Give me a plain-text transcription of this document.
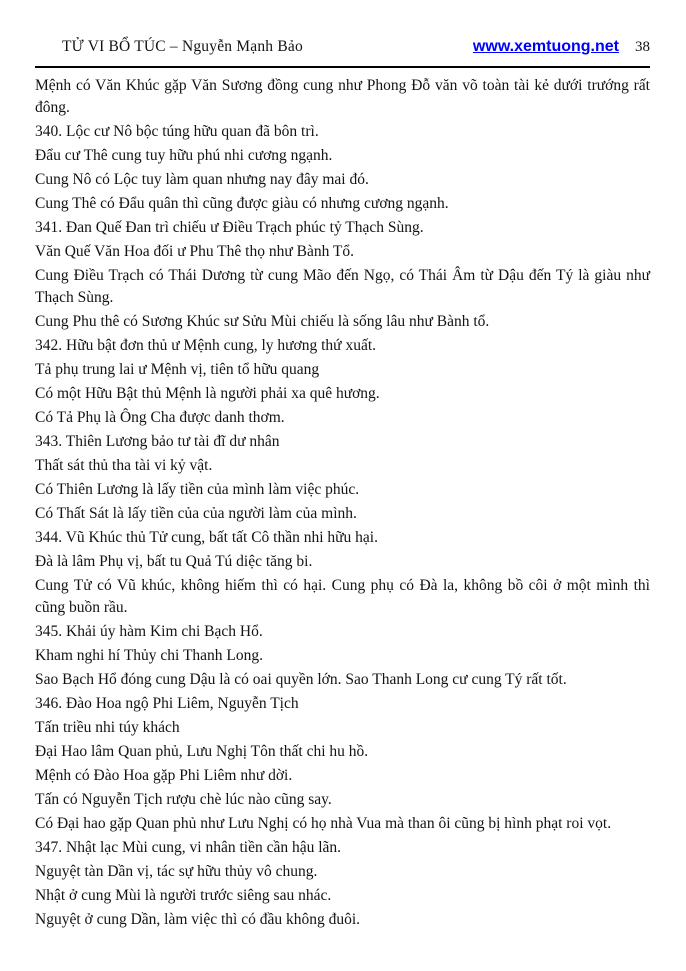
TỬ VI BỔ TÚC – Nguyễn Mạnh Bảo	www.xemtuong.net 38

Mệnh có Văn Khúc gặp Văn Sương đồng cung như Phong Đỗ văn võ toàn tài kẻ dưới trướng rất đông.

340. Lộc cư Nô bộc túng hữu quan đã bôn trì.

Đẩu cư Thê cung tuy hữu phú nhi cương ngạnh.

Cung Nô có Lộc tuy làm quan nhưng nay đây mai đó.

Cung Thê có Đẩu quân thì cũng được giàu có nhưng cương ngạnh.

341. Đan Quế Đan trì chiếu ư Điều Trạch phúc tỷ Thạch Sùng.

Văn Quế Văn Hoa đối ư Phu Thê thọ như Bành Tổ.

Cung Điều Trạch có Thái Dương từ cung Mão đến Ngọ, có Thái Âm từ Dậu đến Tý là giàu như Thạch Sùng.

Cung Phu thê có Sương Khúc sư Sửu Mùi chiếu là sống lâu như Bành tổ.

342. Hữu bật đơn thủ ư Mệnh cung, ly hương thứ xuất.

Tả phụ trung lai ư Mệnh vị, tiên tổ hữu quang

Có một Hữu Bật thủ Mệnh là người phải xa quê hương.

Có Tả Phụ là Ông Cha được danh thơm.

343. Thiên Lương bảo tư tài đĩ dư nhân

Thất sát thủ tha tài vi kỷ vật.

Có Thiên Lương là lấy tiền của mình làm việc phúc.

Có Thất Sát là lấy tiền của của người làm của mình.

344. Vũ Khúc thủ Tử cung, bất tất Cô thần nhi hữu hại.

Đà là lâm Phụ vị, bất tu Quả Tú diệc tăng bi.

Cung Tử có Vũ khúc, không hiếm thì có hại. Cung phụ có Đà la, không bồ côi ở một mình thì cũng buồn rầu.

345. Khải úy hàm Kim chi Bạch Hổ.

Kham nghi hí Thủy chi Thanh Long.

Sao Bạch Hổ đóng cung Dậu là có oai quyền lớn. Sao Thanh Long cư cung Tý rất tốt.

346. Đào Hoa ngộ Phi Liêm, Nguyễn Tịch

Tấn triều nhi túy khách

Đại Hao lâm Quan phủ, Lưu Nghị Tôn thất chi hu hồ.

Mệnh có Đào Hoa gặp Phi Liêm như dời.

Tấn có Nguyễn Tịch rượu chè lúc nào cũng say.

Có Đại hao gặp Quan phủ như Lưu Nghị có họ nhà Vua mà than ôi cũng bị hình phạt roi vọt.

347. Nhật lạc Mùi cung, vi nhân tiền cần hậu lãn.

Nguyệt tàn Dần vị, tác sự hữu thủy vô chung.

Nhật ở cung Mùi là người trước siêng sau nhác.

Nguyệt ở cung Dần, làm việc thì có đầu không đuôi.
